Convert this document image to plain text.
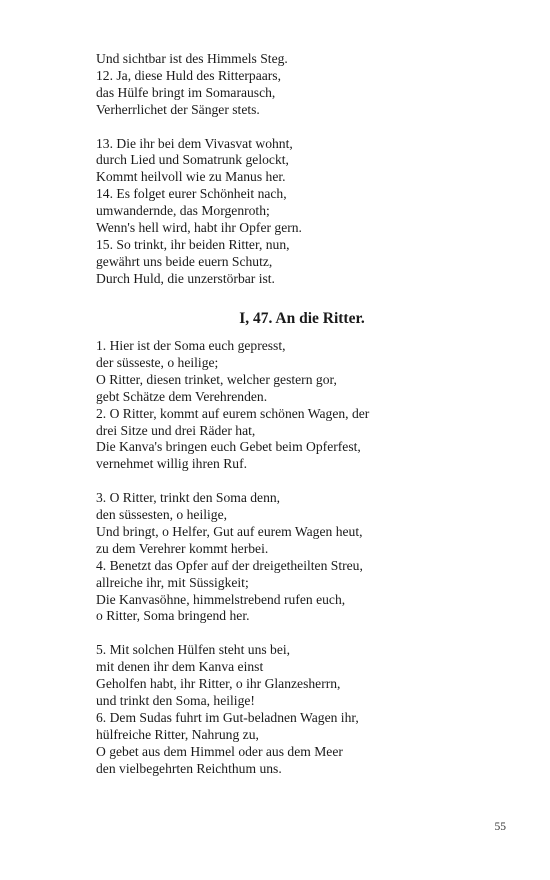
Und sichtbar ist des Himmels Steg.
12. Ja, diese Huld des Ritterpaars,
das Hülfe bringt im Somarausch,
Verherrlichet der Sänger stets.
13. Die ihr bei dem Vivasvat wohnt,
durch Lied und Somatrunk gelockt,
Kommt heilvoll wie zu Manus her.
14. Es folget eurer Schönheit nach,
umwandernde, das Morgenroth;
Wenn's hell wird, habt ihr Opfer gern.
15. So trinkt, ihr beiden Ritter, nun,
gewährt uns beide euern Schutz,
Durch Huld, die unzerstörbar ist.
I, 47. An die Ritter.
1. Hier ist der Soma euch gepresst,
der süsseste, o heilige;
O Ritter, diesen trinket, welcher gestern gor,
gebt Schätze dem Verehrenden.
2. O Ritter, kommt auf eurem schönen Wagen, der
drei Sitze und drei Räder hat,
Die Kanva's bringen euch Gebet beim Opferfest,
vernehmet willig ihren Ruf.
3. O Ritter, trinkt den Soma denn,
den süssesten, o heilige,
Und bringt, o Helfer, Gut auf eurem Wagen heut,
zu dem Verehrer kommt herbei.
4. Benetzt das Opfer auf der dreigetheilten Streu,
allreiche ihr, mit Süssigkeit;
Die Kanvasöhne, himmelstrebend rufen euch,
o Ritter, Soma bringend her.
5. Mit solchen Hülfen steht uns bei,
mit denen ihr dem Kanva einst
Geholfen habt, ihr Ritter, o ihr Glanzesherrn,
und trinkt den Soma, heilige!
6. Dem Sudas fuhrt im Gut-beladnen Wagen ihr,
hülfreiche Ritter, Nahrung zu,
O gebet aus dem Himmel oder aus dem Meer
den vielbegehrten Reichthum uns.
55
